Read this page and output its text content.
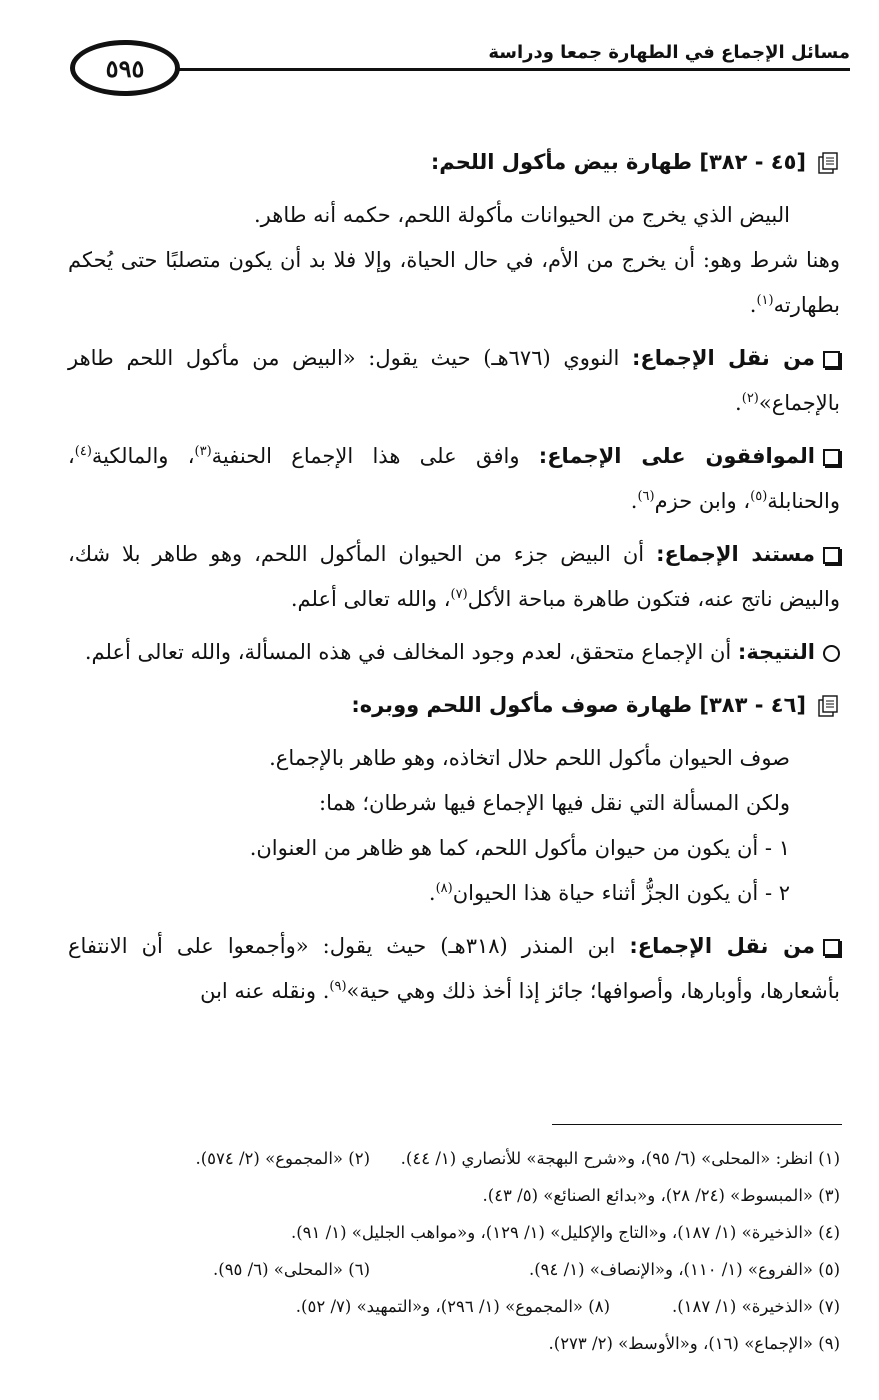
٥٩٥
مسائل الإجماع في الطهارة جمعا ودراسة
[٤٥ - ٣٨٢] طهارة بيض مأكول اللحم:

البيض الذي يخرج من الحيوانات مأكولة اللحم، حكمه أنه طاهر.

وهنا شرط وهو: أن يخرج من الأم، في حال الحياة، وإلا فلا بد أن يكون متصلبًا حتى يُحكم بطهارته$^{(١)}$.

من نقل الإجماع: النووي (٦٧٦هـ) حيث يقول: «البيض من مأكول اللحم طاهر بالإجماع»$^{(٢)}$.

الموافقون على الإجماع: وافق على هذا الإجماع الحنفية$^{(٣)}$، والمالكية$^{(٤)}$، والحنابلة$^{(٥)}$، وابن حزم$^{(٦)}$.

مستند الإجماع: أن البيض جزء من الحيوان المأكول اللحم، وهو طاهر بلا شك، والبيض ناتج عنه، فتكون طاهرة مباحة الأكل$^{(٧)}$، والله تعالى أعلم.

النتيجة: أن الإجماع متحقق، لعدم وجود المخالف في هذه المسألة، والله تعالى أعلم.

[٤٦ - ٣٨٣] طهارة صوف مأكول اللحم ووبره:

صوف الحيوان مأكول اللحم حلال اتخاذه، وهو طاهر بالإجماع.

ولكن المسألة التي نقل فيها الإجماع فيها شرطان؛ هما:

١ - أن يكون من حيوان مأكول اللحم، كما هو ظاهر من العنوان.

٢ - أن يكون الجزُّ أثناء حياة هذا الحيوان$^{(٨)}$.

من نقل الإجماع: ابن المنذر (٣١٨هـ) حيث يقول: «وأجمعوا على أن الانتفاع بأشعارها، وأوبارها، وأصوافها؛ جائز إذا أخذ ذلك وهي حية»$^{(٩)}$. ونقله عنه ابن

(١) انظر: «المحلى» (٦/ ٩٥)، و«شرح البهجة» للأنصاري (١/ ٤٤).
(٢) «المجموع» (٢/ ٥٧٤).
(٣) «المبسوط» (٢٤/ ٢٨)، و«بدائع الصنائع» (٥/ ٤٣).
(٤) «الذخيرة» (١/ ١٨٧)، و«التاج والإكليل» (١/ ١٢٩)، و«مواهب الجليل» (١/ ٩١).
(٥) «الفروع» (١/ ١١٠)، و«الإنصاف» (١/ ٩٤).
(٦) «المحلى» (٦/ ٩٥).
(٧) «الذخيرة» (١/ ١٨٧).
(٨) «المجموع» (١/ ٢٩٦)، و«التمهيد» (٧/ ٥٢).
(٩) «الإجماع» (١٦)، و«الأوسط» (٢/ ٢٧٣).
